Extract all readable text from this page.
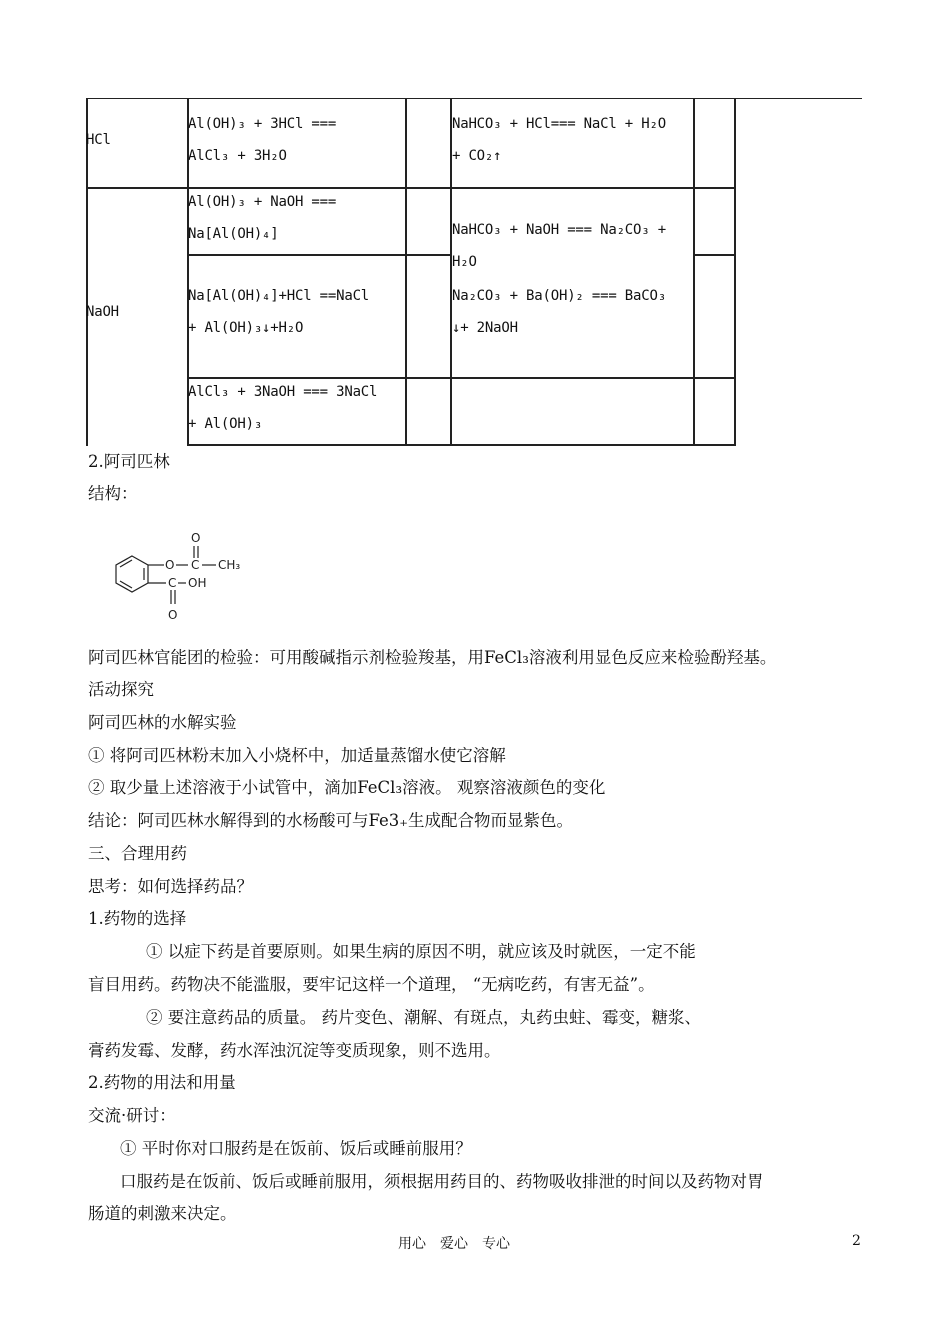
HCl
Al(OH)₃ + 3HCl ===
AlCl₃ + 3H₂O
NaHCO₃ + HCl=== NaCl + H₂O
+ CO₂↑
NaOH
Al(OH)₃ + NaOH ===
Na[Al(OH)₄]
Na[Al(OH)₄]+HCl ==NaCl
+ Al(OH)₃↓+H₂O
AlCl₃ + 3NaOH === 3NaCl
+ Al(OH)₃
NaHCO₃ + NaOH === Na₂CO₃ +
H₂O
Na₂CO₃ + Ba(OH)₂ === BaCO₃
↓+ 2NaOH
2.阿司匹林
结构：
O
O C CH₃
C OH
O
阿司匹林官能团的检验：可用酸碱指示剂检验羧基，用FeCl₃溶液利用显色反应来检验酚羟基。
活动探究
阿司匹林的水解实验
① 将阿司匹林粉末加入小烧杯中，加适量蒸馏水使它溶解
② 取少量上述溶液于小试管中，滴加FeCl₃溶液。 观察溶液颜色的变化
结论：阿司匹林水解得到的水杨酸可与Fe3₊生成配合物而显紫色。
三、合理用药
思考：如何选择药品？
1.药物的选择
① 以症下药是首要原则。如果生病的原因不明，就应该及时就医，一定不能
盲目用药。药物决不能滥服，要牢记这样一个道理， “无病吃药，有害无益”。
② 要注意药品的质量。 药片变色、潮解、有斑点，丸药虫蛀、霉变，糖浆、
膏药发霉、发酵，药水浑浊沉淀等变质现象，则不选用。
2.药物的用法和用量
交流·研讨：
① 平时你对口服药是在饭前、饭后或睡前服用？
口服药是在饭前、饭后或睡前服用，须根据用药目的、药物吸收排泄的时间以及药物对胃
肠道的刺激来决定。
用心　爱心　专心	2
